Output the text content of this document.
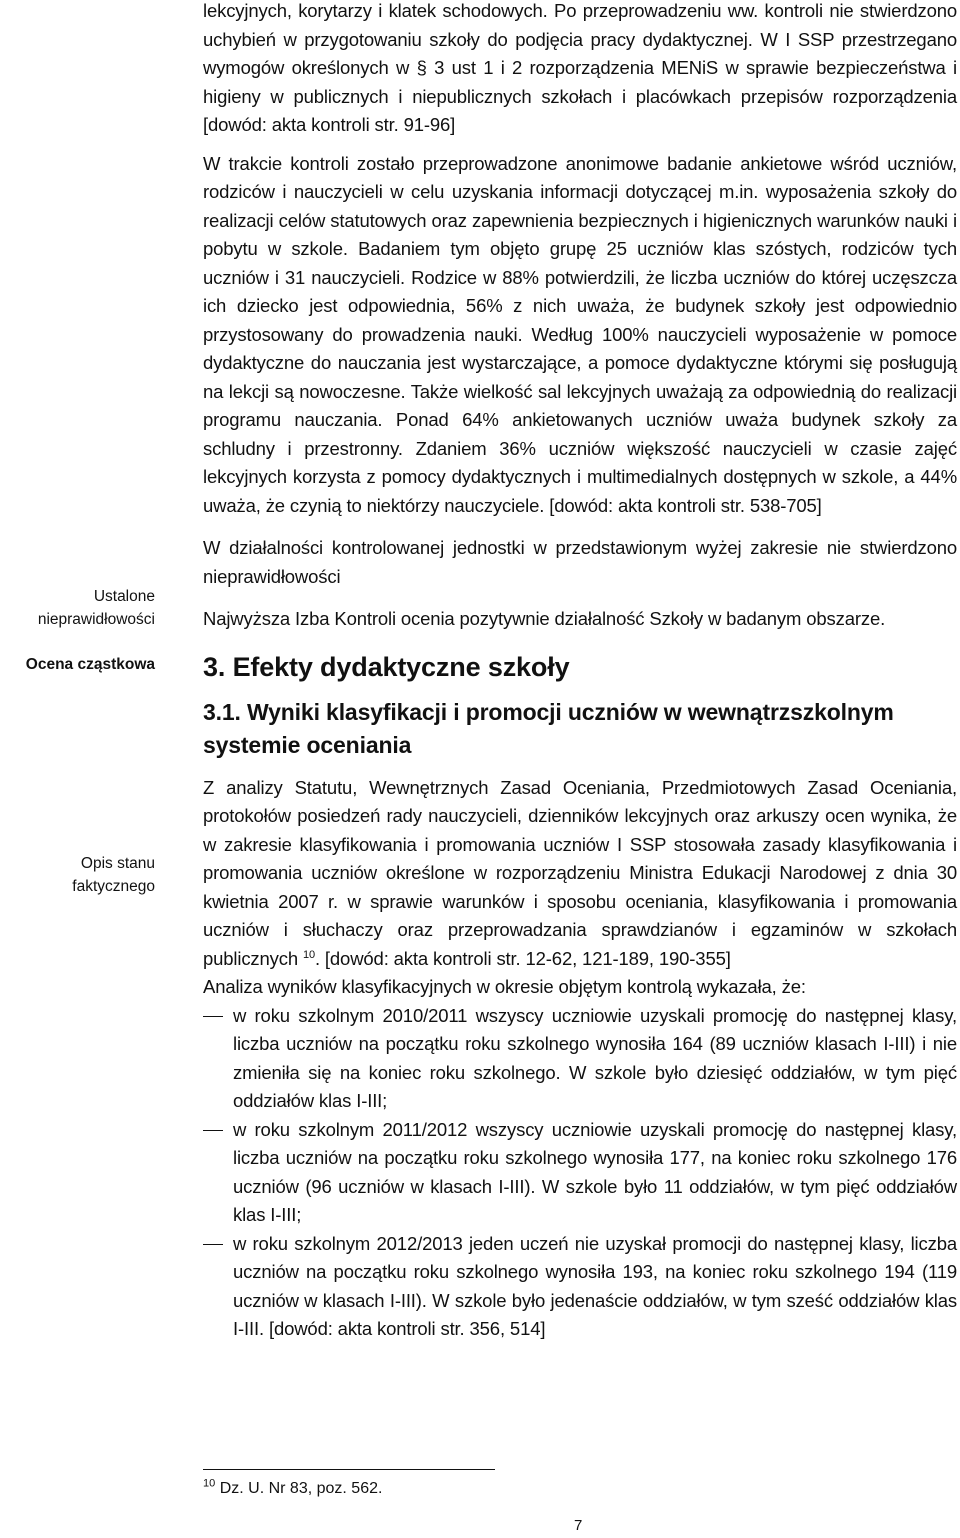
Ustalone nieprawidłowości
Ocena cząstkowa
Opis stanu faktycznego

lekcyjnych, korytarzy i klatek schodowych. Po przeprowadzeniu ww. kontroli nie stwierdzono uchybień w przygotowaniu szkoły do podjęcia pracy dydaktycznej. W I SSP przestrzegano wymogów określonych w § 3 ust 1 i 2 rozporządzenia MENiS w sprawie bezpieczeństwa i higieny w publicznych i niepublicznych szkołach i placówkach przepisów rozporządzenia [dowód: akta kontroli str. 91-96]

W trakcie kontroli zostało przeprowadzone anonimowe badanie ankietowe wśród uczniów, rodziców i nauczycieli w celu uzyskania informacji dotyczącej m.in. wyposażenia szkoły do realizacji celów statutowych oraz zapewnienia bezpiecznych i higienicznych warunków nauki i pobytu w szkole. Badaniem tym objęto grupę 25 uczniów klas szóstych, rodziców tych uczniów i 31 nauczycieli. Rodzice w 88% potwierdzili, że liczba uczniów do której uczęszcza ich dziecko jest odpowiednia, 56% z nich uważa, że budynek szkoły jest odpowiednio przystosowany do prowadzenia nauki. Według 100% nauczycieli wyposażenie w pomoce dydaktyczne do nauczania jest wystarczające, a pomoce dydaktyczne którymi się posługują na lekcji są nowoczesne. Także wielkość sal lekcyjnych uważają za odpowiednią do realizacji programu nauczania. Ponad 64% ankietowanych uczniów uważa budynek szkoły za schludny i przestronny. Zdaniem 36% uczniów większość nauczycieli w czasie zajęć lekcyjnych korzysta z pomocy dydaktycznych i multimedialnych dostępnych w szkole, a 44% uważa, że czynią to niektórzy nauczyciele. [dowód: akta kontroli str. 538-705]

W działalności kontrolowanej jednostki w przedstawionym wyżej zakresie nie stwierdzono nieprawidłowości

Najwyższa Izba Kontroli ocenia pozytywnie działalność Szkoły w badanym obszarze.

3. Efekty dydaktyczne szkoły
3.1. Wyniki klasyfikacji i promocji uczniów w wewnątrzszkolnym systemie oceniania

Z analizy Statutu, Wewnętrznych Zasad Oceniania, Przedmiotowych Zasad Oceniania, protokołów posiedzeń rady nauczycieli, dzienników lekcyjnych oraz arkuszy ocen wynika, że w zakresie klasyfikowania i promowania uczniów I SSP stosowała zasady klasyfikowania i promowania uczniów określone w rozporządzeniu Ministra Edukacji Narodowej z dnia 30 kwietnia 2007 r. w sprawie warunków i sposobu oceniania, klasyfikowania i promowania uczniów i słuchaczy oraz przeprowadzania sprawdzianów i egzaminów w szkołach publicznych $^{10}$. [dowód: akta kontroli str. 12-62, 121-189, 190-355]

Analiza wyników klasyfikacyjnych w okresie objętym kontrolą wykazała, że:

w roku szkolnym 2010/2011 wszyscy uczniowie uzyskali promocję do następnej klasy, liczba uczniów na początku roku szkolnego wynosiła 164 (89 uczniów klasach I-III) i nie zmieniła się na koniec roku szkolnego. W szkole było dziesięć oddziałów, w tym pięć oddziałów klas I-III;
w roku szkolnym 2011/2012 wszyscy uczniowie uzyskali promocję do następnej klasy, liczba uczniów na początku roku szkolnego wynosiła 177, na koniec roku szkolnego 176 uczniów (96 uczniów w klasach I-III). W szkole było 11 oddziałów, w tym pięć oddziałów klas I-III;
w roku szkolnym 2012/2013 jeden uczeń nie uzyskał promocji do następnej klasy, liczba uczniów na początku roku szkolnego wynosiła 193, na koniec roku szkolnego 194 (119 uczniów w klasach I-III). W szkole było jedenaście oddziałów, w tym sześć oddziałów klas I-III. [dowód: akta kontroli str. 356, 514]
$^{10}$ Dz. U. Nr 83, poz. 562.
7
